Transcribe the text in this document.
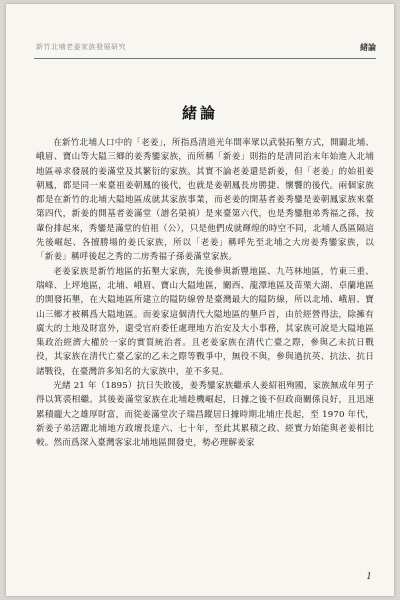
新竹北埔老姜家族發展研究	緒論
緒論

在新竹北埔人口中的「老姜」，所指爲清道光年間率眾以武裝拓墾方式，開闢北埔、峨眉、寶山等大隘三鄉的姜秀鑾家族，而所稱「新姜」則指的是清同治末年始進入北埔地區尋求發展的姜滿堂及其繁衍的家族。其實不論老姜還是新姜，但「老姜」的始祖姜朝鳳，都是同一來臺祖姜朝鳳的後代，也就是姜朝鳳長房勝捷、懷饗的後代。兩個家族都是在新竹的北埔大隘地區成就其家族事業，而老姜的開基者姜秀鑾是姜朝鳳家族來臺第四代，新姜的開基者姜滿堂（譜名榮禎）是來臺第六代，也是秀鑾胞弟秀福之孫，按輩份排起來，秀鑾是滿堂的伯祖（公），只是他們成就輝煌的時空不同，北埔人爲區隔這先後崛起、各擅勝場的姜氏家族，所以「老姜」稱呼先至北埔之大房姜秀鑾家族，以「新姜」稱呼後起之秀的二房秀福子孫姜滿堂家族。

老姜家族是新竹地區的拓墾大家族，先後參與新豐地區、九芎林地區，竹東三重、瑞峰、上坪地區，北埔、峨眉、寶山大隘地區，關西、龍潭地區及苗栗大湖、卓蘭地區的開發拓墾，在大隘地區所建立的隘防線曾是臺灣最大的隘防線，所以北埔、峨眉、寶山三鄉才被稱爲大隘地區。而姜家這個清代大隘地區的墾戶首，由於經營得法，除擁有廣大的土地及財富外，還受官府委任處理地方治安及大小事務，其家族可說是大隘地區集政治經濟大權於一家的實質統治者。且老姜家族在清代亡臺之際，參與乙未抗日戰役，其家族在清代亡臺乙家的乙未之際等戰爭中，無役不與，參與過抗英、抗法、抗日諸戰役，在臺灣許多知名的大家族中，並不多見。

光緒 21 年（1895）抗日失敗後，姜秀鑾家族繼承人姜紹祖殉國，家族無成年男子得以箕裘相繼。其後姜滿堂家族在北埔趁機崛起，日據之後不但政商關係良好，且迅速累積龐大之雄厚財富，而從姜滿堂次子瑞昌蹤居日據時期北埔庄長起，至 1970 年代，新姜子弟活躍北埔地方政壇長達六、七十年，至此其累積之政、經實力始能與老姜相比較。然而爲深入臺灣客家北埔地區開發史，勢必理解姜家

1
